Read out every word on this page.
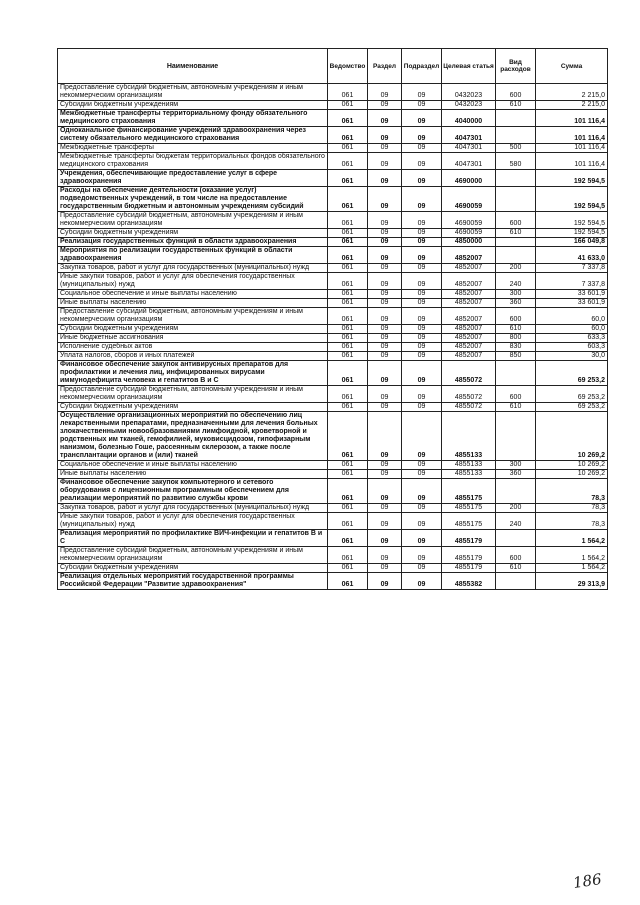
Наименование	Ведомство	Раздел	Подраздел	Целевая статья	Вид расходов	Сумма
Предоставление субсидий бюджетным, автономным учреждениям и иным некоммерческим организациям	061	09	09	0432023	600	2 215,0
Субсидии бюджетным учреждениям	061	09	09	0432023	610	2 215,0
Межбюджетные трансферты территориальному фонду обязательного медицинского страхования	061	09	09	4040000		101 116,4
Одноканальное финансирование учреждений здравоохранения через систему обязательного медицинского страхования	061	09	09	4047301		101 116,4
Межбюджетные трансферты	061	09	09	4047301	500	101 116,4
Межбюджетные трансферты бюджетам территориальных фондов обязательного медицинского страхования	061	09	09	4047301	580	101 116,4
Учреждения, обеспечивающие предоставление услуг в сфере здравоохранения	061	09	09	4690000		192 594,5
Расходы на обеспечение деятельности (оказание услуг) подведомственных учреждений, в том числе на предоставление государственным бюджетным и автономным учреждениям субсидий	061	09	09	4690059		192 594,5
Предоставление субсидий бюджетным, автономным учреждениям и иным некоммерческим организациям	061	09	09	4690059	600	192 594,5
Субсидии бюджетным учреждениям	061	09	09	4690059	610	192 594,5
Реализация государственных функций в области здравоохранения	061	09	09	4850000		166 049,8
Мероприятия по реализации государственных функций в области здравоохранения	061	09	09	4852007		41 633,0
Закупка товаров, работ и услуг для государственных (муниципальных) нужд	061	09	09	4852007	200	7 337,8
Иные закупки товаров, работ и услуг для обеспечения государственных (муниципальных) нужд	061	09	09	4852007	240	7 337,8
Социальное обеспечение и иные выплаты населению	061	09	09	4852007	300	33 601,9
Иные выплаты населению	061	09	09	4852007	360	33 601,9
Предоставление субсидий бюджетным, автономным учреждениям и иным некоммерческим организациям	061	09	09	4852007	600	60,0
Субсидии бюджетным учреждениям	061	09	09	4852007	610	60,0
Иные бюджетные ассигнования	061	09	09	4852007	800	633,3
Исполнение судебных актов	061	09	09	4852007	830	603,3
Уплата налогов, сборов и иных платежей	061	09	09	4852007	850	30,0
Финансовое обеспечение закупок антивирусных препаратов для профилактики и лечения лиц, инфицированных вирусами иммунодефицита человека и гепатитов В и С	061	09	09	4855072		69 253,2
Предоставление субсидий бюджетным, автономным учреждениям и иным некоммерческим организациям	061	09	09	4855072	600	69 253,2
Субсидии бюджетным учреждениям	061	09	09	4855072	610	69 253,2
Осуществление организационных мероприятий по обеспечению лиц лекарственными препаратами, предназначенными для лечения больных злокачественными новообразованиями лимфоидной, кроветворной и родственных им тканей, гемофилией, муковисцидозом, гипофизарным нанизмом, болезнью Гоше, рассеянным склерозом, а также после трансплантации органов и (или) тканей	061	09	09	4855133		10 269,2
Социальное обеспечение и иные выплаты населению	061	09	09	4855133	300	10 269,2
Иные выплаты населению	061	09	09	4855133	360	10 269,2
Финансовое обеспечение закупок компьютерного и сетевого оборудования с лицензионным программным обеспечением для реализации мероприятий по развитию службы крови	061	09	09	4855175		78,3
Закупка товаров, работ и услуг для государственных (муниципальных) нужд	061	09	09	4855175	200	78,3
Иные закупки товаров, работ и услуг для обеспечения государственных (муниципальных) нужд	061	09	09	4855175	240	78,3
Реализация мероприятий по профилактике ВИЧ-инфекции и гепатитов В и С	061	09	09	4855179		1 564,2
Предоставление субсидий бюджетным, автономным учреждениям и иным некоммерческим организациям	061	09	09	4855179	600	1 564,2
Субсидии бюджетным учреждениям	061	09	09	4855179	610	1 564,2
Реализация отдельных мероприятий государственной программы Российской Федерации "Развитие здравоохранения"	061	09	09	4855382		29 313,9
186
